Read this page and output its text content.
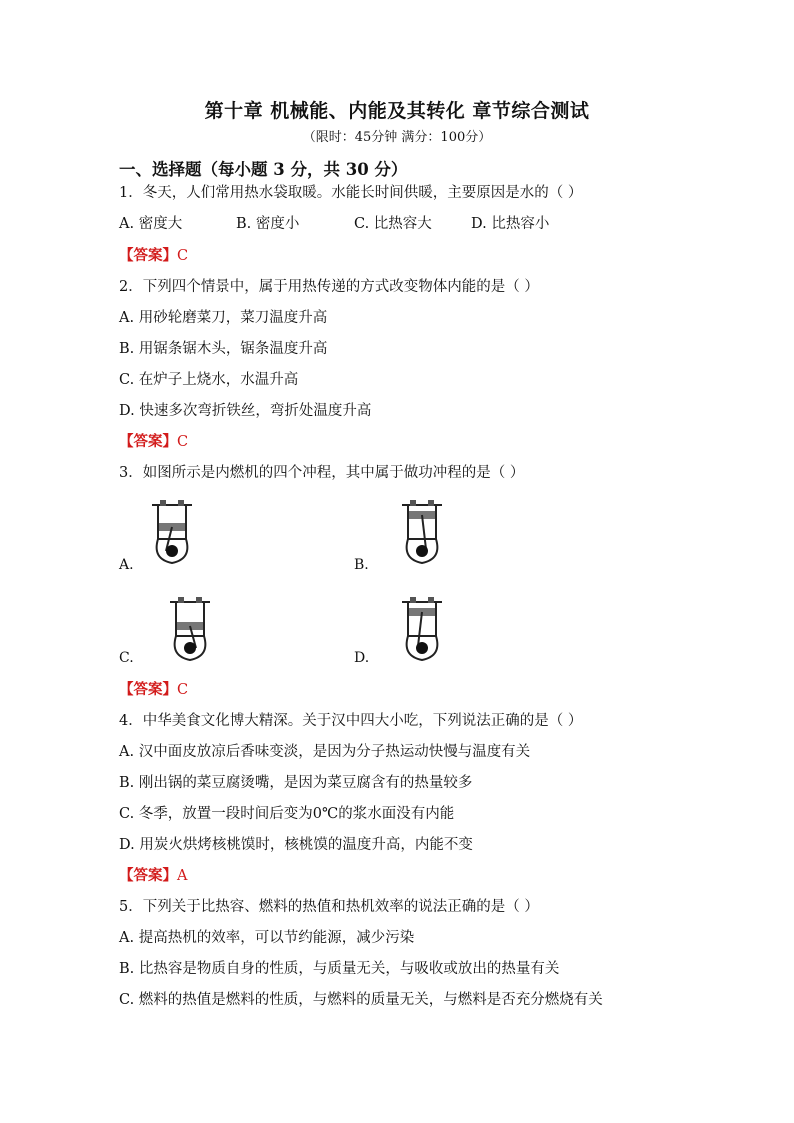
第十章 机械能、内能及其转化 章节综合测试
（限时：45分钟 满分：100分）
一、选择题（每小题 3 分，共 30 分）
1．冬天，人们常用热水袋取暖。水能长时间供暖，主要原因是水的（ ）
A. 密度大	B. 密度小	C. 比热容大	D. 比热容小
【答案】C
2．下列四个情景中，属于用热传递的方式改变物体内能的是（ ）
A. 用砂轮磨菜刀，菜刀温度升高
B. 用锯条锯木头，锯条温度升高
C. 在炉子上烧水，水温升高
D. 快速多次弯折铁丝，弯折处温度升高
【答案】C
3．如图所示是内燃机的四个冲程，其中属于做功冲程的是（ ）
A.	B.
C.	D.
【答案】C
4．中华美食文化博大精深。关于汉中四大小吃，下列说法正确的是（ ）
A. 汉中面皮放凉后香味变淡，是因为分子热运动快慢与温度有关
B. 刚出锅的菜豆腐烫嘴，是因为菜豆腐含有的热量较多
C. 冬季，放置一段时间后变为0℃的浆水面没有内能
D. 用炭火烘烤核桃馍时，核桃馍的温度升高，内能不变
【答案】A
5．下列关于比热容、燃料的热值和热机效率的说法正确的是（ ）
A. 提高热机的效率，可以节约能源，减少污染
B. 比热容是物质自身的性质，与质量无关，与吸收或放出的热量有关
C. 燃料的热值是燃料的性质，与燃料的质量无关，与燃料是否充分燃烧有关
